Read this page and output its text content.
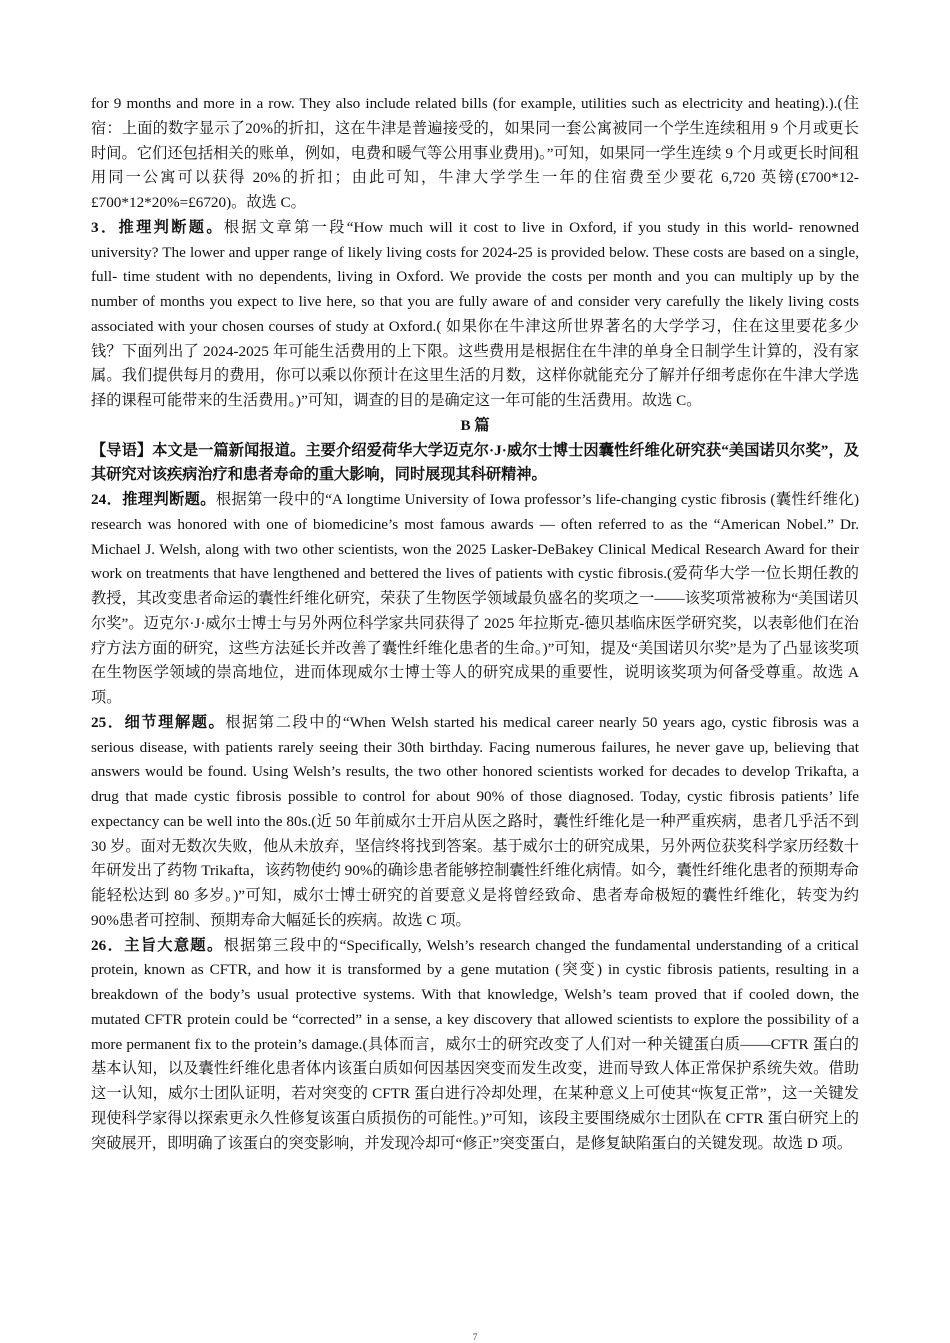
for 9 months and more in a row. They also include related bills (for example, utilities such as electricity and heating).).(住宿：上面的数字显示了20%的折扣，这在牛津是普遍接受的，如果同一套公寓被同一个学生连续租用 9 个月或更长时间。它们还包括相关的账单，例如，电费和暖气等公用事业费用)。”可知，如果同一学生连续 9 个月或更长时间租用同一公寓可以获得 20%的折扣；由此可知，牛津大学学生一年的住宿费至少要花 6,720 英镑(£700*12-£700*12*20%=£6720)。故选 C。

3．推理判断题。根据文章第一段“How much will it cost to live in Oxford, if you study in this world- renowned university? The lower and upper range of likely living costs for 2024-25 is provided below. These costs are based on a single, full- time student with no dependents, living in Oxford. We provide the costs per month and you can multiply up by the number of months you expect to live here, so that you are fully aware of and consider very carefully the likely living costs associated with your chosen courses of study at Oxford.( 如果你在牛津这所世界著名的大学学习，住在这里要花多少钱？下面列出了 2024-2025 年可能生活费用的上下限。这些费用是根据住在牛津的单身全日制学生计算的，没有家属。我们提供每月的费用，你可以乘以你预计在这里生活的月数，这样你就能充分了解并仔细考虑你在牛津大学选择的课程可能带来的生活费用。)”可知，调查的目的是确定这一年可能的生活费用。故选 C。

B 篇

【导语】本文是一篇新闻报道。主要介绍爱荷华大学迈克尔·J·威尔士博士因囊性纤维化研究获“美国诺贝尔奖”，及其研究对该疾病治疗和患者寿命的重大影响，同时展现其科研精神。

24．推理判断题。根据第一段中的“A longtime University of Iowa professor’s life-changing cystic fibrosis (囊性纤维化) research was honored with one of biomedicine’s most famous awards — often referred to as the “American Nobel.” Dr. Michael J. Welsh, along with two other scientists, won the 2025 Lasker-DeBakey Clinical Medical Research Award for their work on treatments that have lengthened and bettered the lives of patients with cystic fibrosis.(爱荷华大学一位长期任教的教授，其改变患者命运的囊性纤维化研究，荣获了生物医学领域最负盛名的奖项之一——该奖项常被称为“美国诺贝尔奖”。迈克尔·J·威尔士博士与另外两位科学家共同获得了 2025 年拉斯克-德贝基临床医学研究奖，以表彰他们在治疗方法方面的研究，这些方法延长并改善了囊性纤维化患者的生命。)”可知，提及“美国诺贝尔奖”是为了凸显该奖项在生物医学领域的崇高地位，进而体现威尔士博士等人的研究成果的重要性，说明该奖项为何备受尊重。故选 A 项。

25．细节理解题。根据第二段中的“When Welsh started his medical career nearly 50 years ago, cystic fibrosis was a serious disease, with patients rarely seeing their 30th birthday. Facing numerous failures, he never gave up, believing that answers would be found. Using Welsh’s results, the two other honored scientists worked for decades to develop Trikafta, a drug that made cystic fibrosis possible to control for about 90% of those diagnosed. Today, cystic fibrosis patients’ life expectancy can be well into the 80s.(近 50 年前威尔士开启从医之路时，囊性纤维化是一种严重疾病，患者几乎活不到 30 岁。面对无数次失败，他从未放弃，坚信终将找到答案。基于威尔士的研究成果，另外两位获奖科学家历经数十年研发出了药物 Trikafta，该药物使约 90%的确诊患者能够控制囊性纤维化病情。如今，囊性纤维化患者的预期寿命能轻松达到 80 多岁。)”可知，威尔士博士研究的首要意义是将曾经致命、患者寿命极短的囊性纤维化，转变为约 90%患者可控制、预期寿命大幅延长的疾病。故选 C 项。

26．主旨大意题。根据第三段中的“Specifically, Welsh’s research changed the fundamental understanding of a critical protein, known as CFTR, and how it is transformed by a gene mutation (突变) in cystic fibrosis patients, resulting in a breakdown of the body’s usual protective systems. With that knowledge, Welsh’s team proved that if cooled down, the mutated CFTR protein could be “corrected” in a sense, a key discovery that allowed scientists to explore the possibility of a more permanent fix to the protein’s damage.(具体而言，威尔士的研究改变了人们对一种关键蛋白质——CFTR 蛋白的基本认知，以及囊性纤维化患者体内该蛋白质如何因基因突变而发生改变，进而导致人体正常保护系统失效。借助这一认知，威尔士团队证明，若对突变的 CFTR 蛋白进行冷却处理，在某种意义上可使其“恢复正常”，这一关键发现使科学家得以探索更永久性修复该蛋白质损伤的可能性。)”可知，该段主要围绕威尔士团队在 CFTR 蛋白研究上的突破展开，即明确了该蛋白的突变影响，并发现冷却可“修正”突变蛋白，是修复缺陷蛋白的关键发现。故选 D 项。

7
